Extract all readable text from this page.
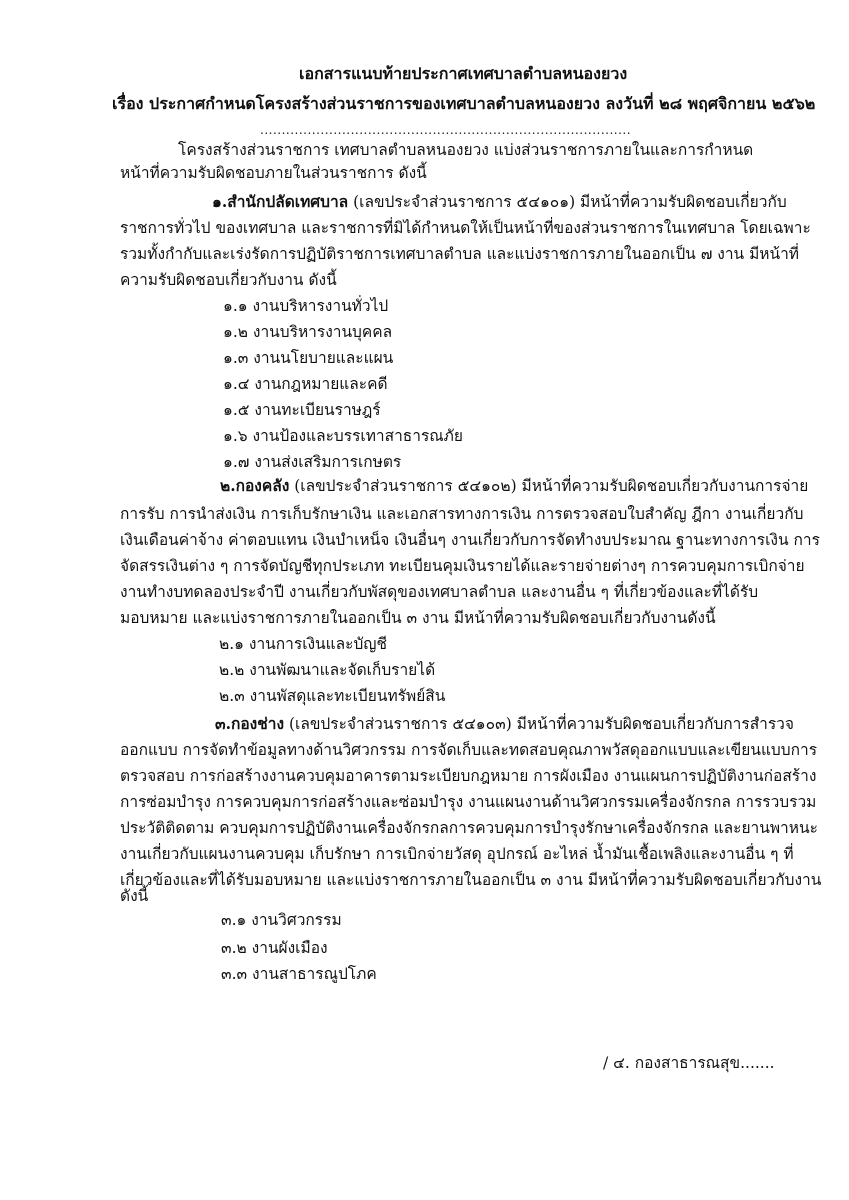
เอกสารแนบท้ายประกาศเทศบาลตำบลหนองยวง
เรื่อง ประกาศกำหนดโครงสร้างส่วนราชการของเทศบาลตำบลหนองยวง ลงวันที่ ๒๘ พฤศจิกายน ๒๕๖๒
......................................................................................
โครงสร้างส่วนราชการ เทศบาลตำบลหนองยวง แบ่งส่วนราชการภายในและการกำหนด
หน้าที่ความรับผิดชอบภายในส่วนราชการ ดังนี้
๑.สำนักปลัดเทศบาล (เลขประจำส่วนราชการ ๕๔๑๐๑) มีหน้าที่ความรับผิดชอบเกี่ยวกับ
ราชการทั่วไป ของเทศบาล และราชการที่มิได้กำหนดให้เป็นหน้าที่ของส่วนราชการในเทศบาล โดยเฉพาะ
รวมทั้งกำกับและเร่งรัดการปฏิบัติราชการเทศบาลตำบล และแบ่งราชการภายในออกเป็น ๗ งาน มีหน้าที่
ความรับผิดชอบเกี่ยวกับงาน ดังนี้
๑.๑ งานบริหารงานทั่วไป
๑.๒ งานบริหารงานบุคคล
๑.๓ งานนโยบายและแผน
๑.๔ งานกฎหมายและคดี
๑.๕ งานทะเบียนราษฎร์
๑.๖ งานป้องและบรรเทาสาธารณภัย
๑.๗ งานส่งเสริมการเกษตร
๒.กองคลัง (เลขประจำส่วนราชการ ๕๔๑๐๒) มีหน้าที่ความรับผิดชอบเกี่ยวกับงานการจ่าย
การรับ การนำส่งเงิน การเก็บรักษาเงิน และเอกสารทางการเงิน การตรวจสอบใบสำคัญ ฎีกา งานเกี่ยวกับ
เงินเดือนค่าจ้าง ค่าตอบแทน เงินบำเหน็จ เงินอื่นๆ งานเกี่ยวกับการจัดทำงบประมาณ ฐานะทางการเงิน การ
จัดสรรเงินต่าง ๆ การจัดบัญชีทุกประเภท ทะเบียนคุมเงินรายได้และรายจ่ายต่างๆ การควบคุมการเบิกจ่าย
งานทำงบทดลองประจำปี งานเกี่ยวกับพัสดุของเทศบาลตำบล และงานอื่น ๆ ที่เกี่ยวข้องและที่ได้รับ
มอบหมาย และแบ่งราชการภายในออกเป็น ๓ งาน มีหน้าที่ความรับผิดชอบเกี่ยวกับงานดังนี้
๒.๑ งานการเงินและบัญชี
๒.๒ งานพัฒนาและจัดเก็บรายได้
๒.๓ งานพัสดุและทะเบียนทรัพย์สิน
๓.กองช่าง (เลขประจำส่วนราชการ ๕๔๑๐๓) มีหน้าที่ความรับผิดชอบเกี่ยวกับการสำรวจ
ออกแบบ การจัดทำข้อมูลทางด้านวิศวกรรม การจัดเก็บและทดสอบคุณภาพวัสดุออกแบบและเขียนแบบการ
ตรวจสอบ การก่อสร้างงานควบคุมอาคารตามระเบียบกฎหมาย การผังเมือง งานแผนการปฏิบัติงานก่อสร้าง
การซ่อมบำรุง การควบคุมการก่อสร้างและซ่อมบำรุง งานแผนงานด้านวิศวกรรมเครื่องจักรกล การรวบรวม
ประวัติติดตาม ควบคุมการปฏิบัติงานเครื่องจักรกลการควบคุมการบำรุงรักษาเครื่องจักรกล และยานพาหนะ
งานเกี่ยวกับแผนงานควบคุม เก็บรักษา การเบิกจ่ายวัสดุ อุปกรณ์ อะไหล่ น้ำมันเชื้อเพลิงและงานอื่น ๆ ที่
เกี่ยวข้องและที่ได้รับมอบหมาย และแบ่งราชการภายในออกเป็น ๓ งาน มีหน้าที่ความรับผิดชอบเกี่ยวกับงาน
ดังนี้
๓.๑ งานวิศวกรรม
๓.๒ งานผังเมือง
๓.๓ งานสาธารณูปโภค
/ ๔. กองสาธารณสุข.......
